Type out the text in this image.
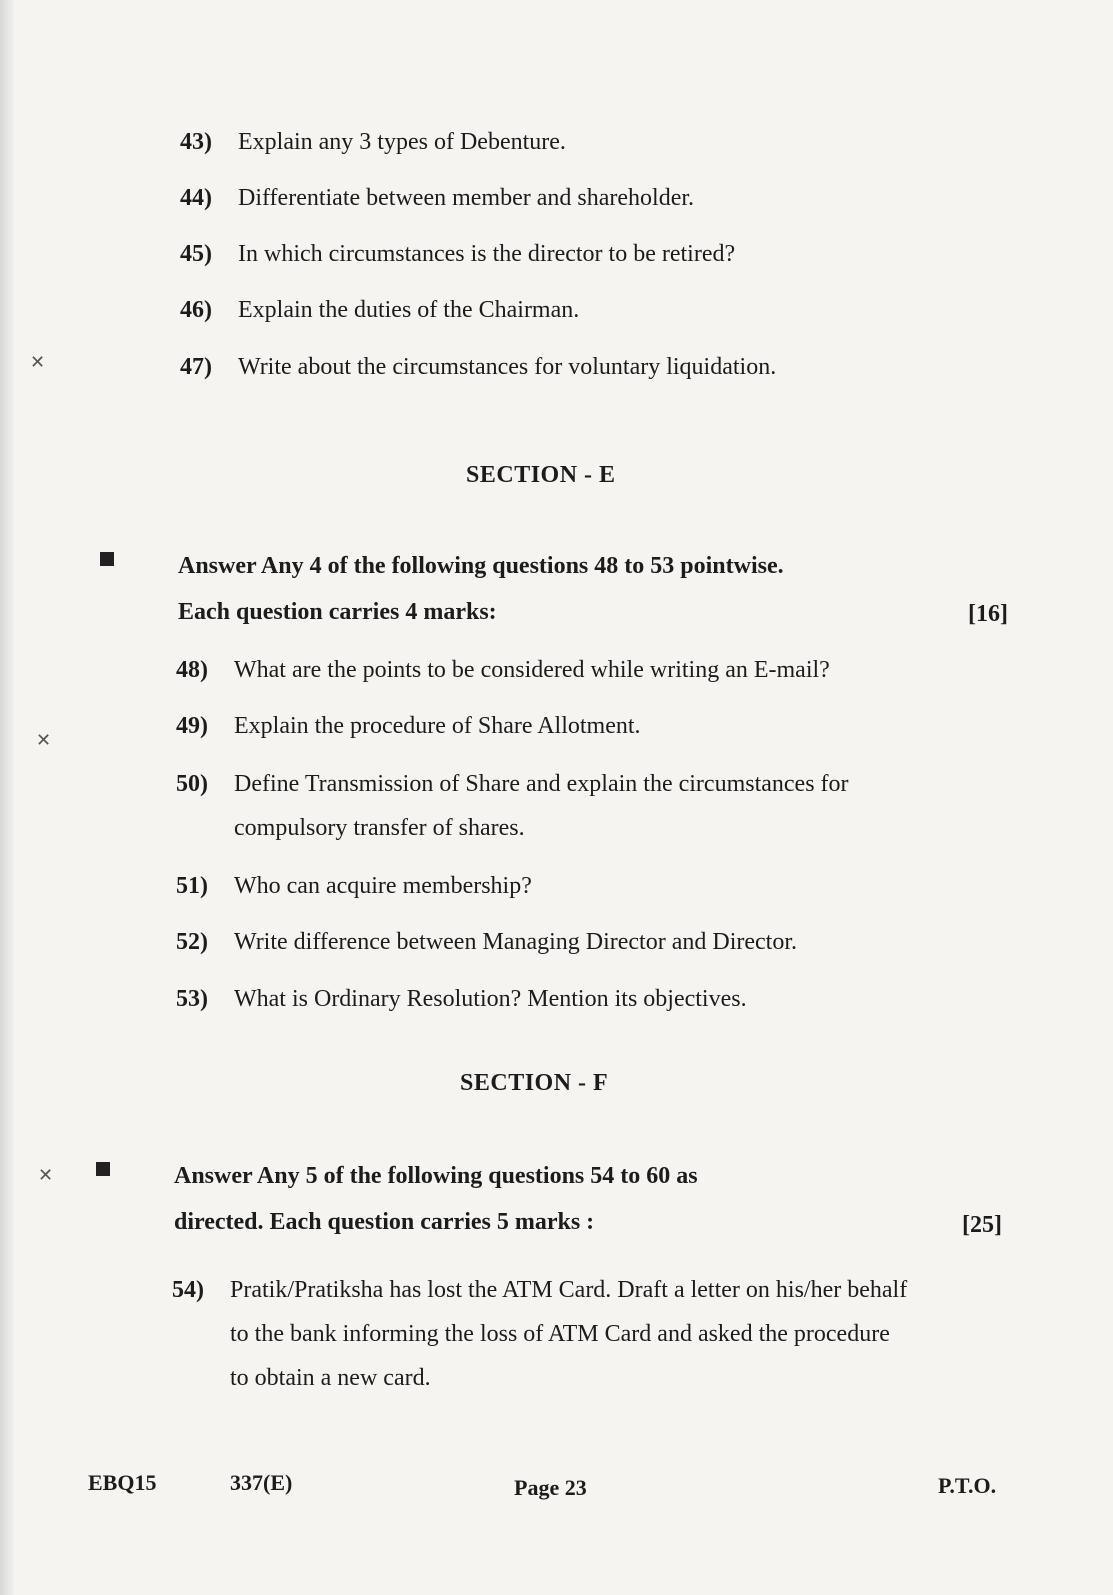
✕
✕
✕
43) Explain any 3 types of Debenture.
44) Differentiate between member and shareholder.
45) In which circumstances is the director to be retired?
46) Explain the duties of the Chairman.
47) Write about the circumstances for voluntary liquidation.
SECTION - E
Answer Any 4 of the following questions 48 to 53 pointwise.
Each question carries 4 marks:	[16]
48) What are the points to be considered while writing an E-mail?
49) Explain the procedure of Share Allotment.
50) Define Transmission of Share and explain the circumstances for compulsory transfer of shares.
51) Who can acquire membership?
52) Write difference between Managing Director and Director.
53) What is Ordinary Resolution? Mention its objectives.
SECTION - F
Answer Any 5 of the following questions 54 to 60 as
directed. Each question carries 5 marks :	[25]
54) Pratik/Pratiksha has lost the ATM Card. Draft a letter on his/her behalf to the bank informing the loss of ATM Card and asked the procedure to obtain a new card.
EBQ15	337(E)	Page 23	P.T.O.
